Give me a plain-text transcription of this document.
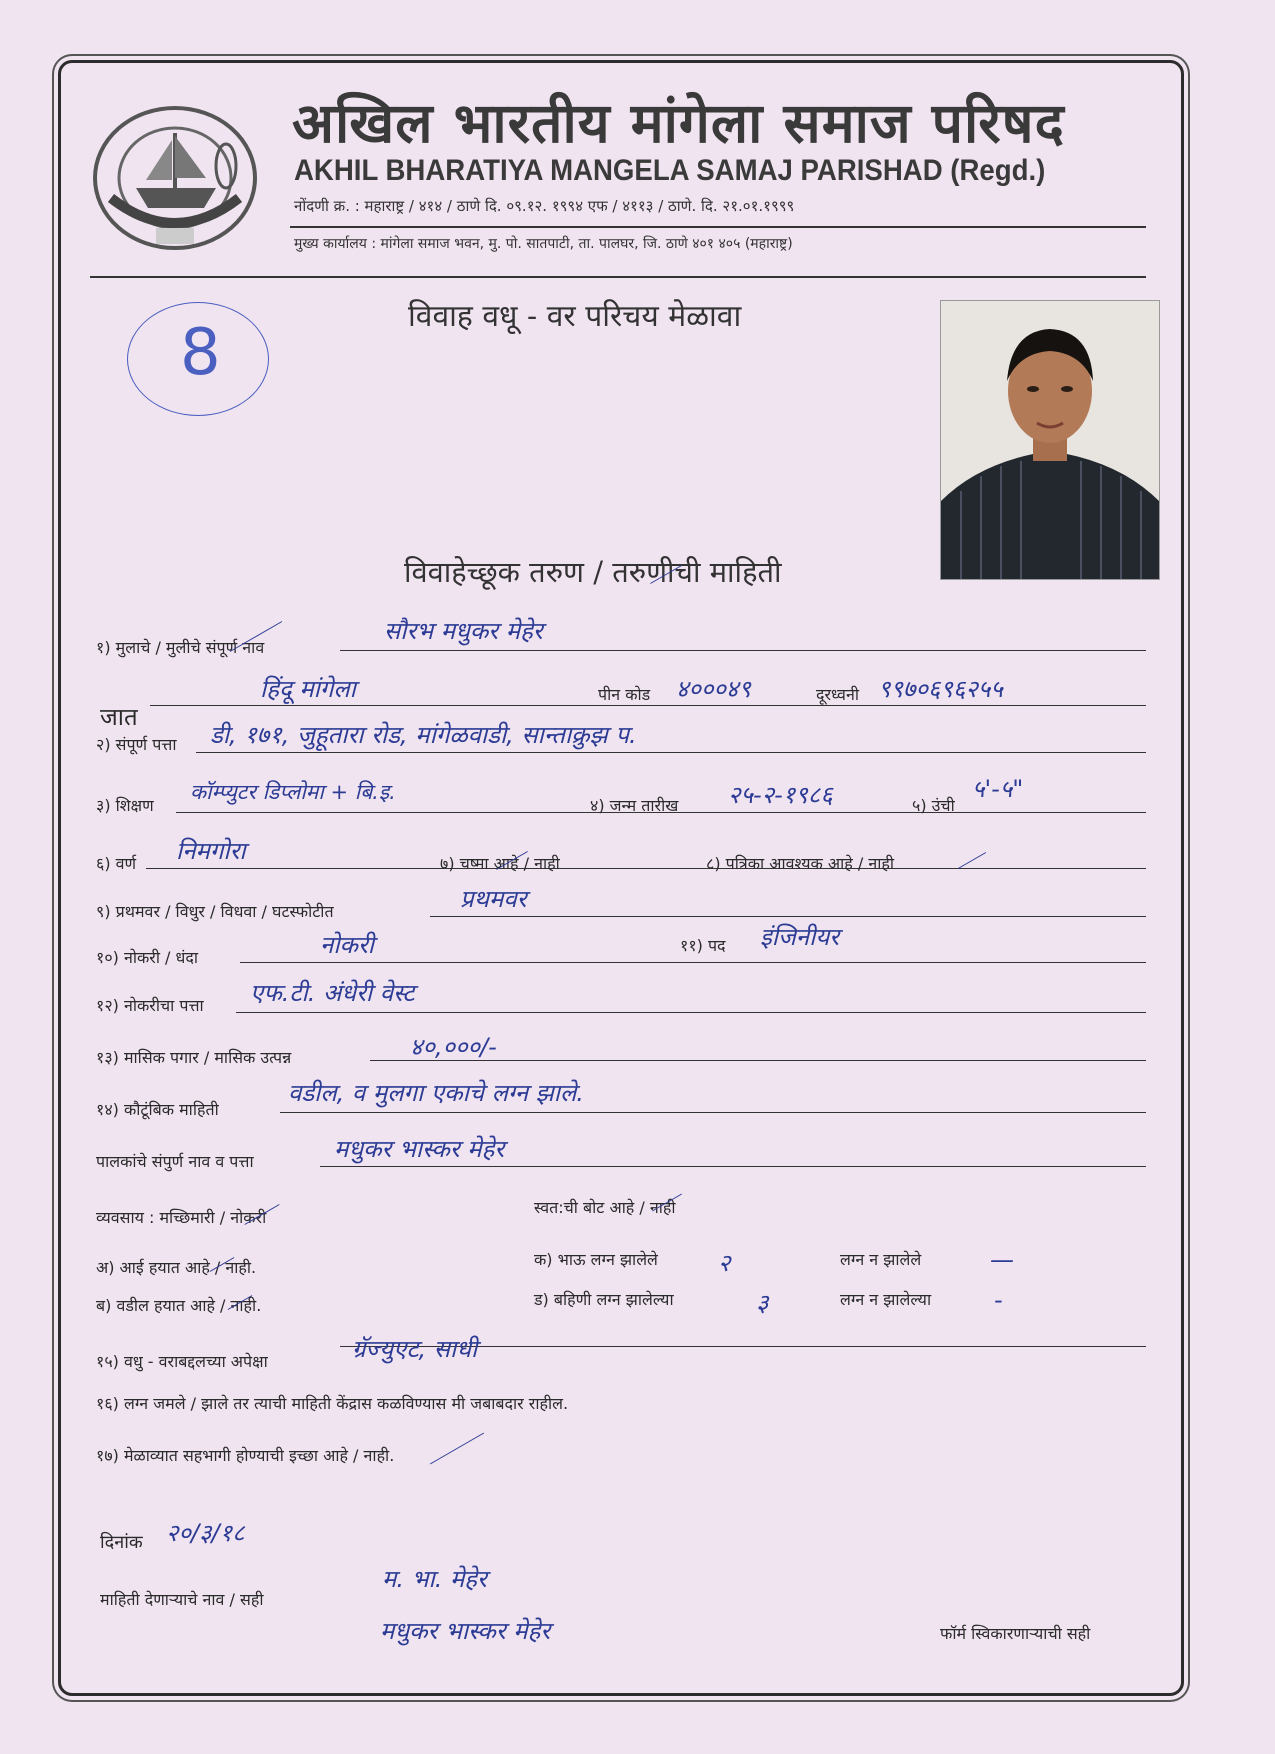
अखिल भारतीय मांगेला समाज परिषद
AKHIL BHARATIYA MANGELA SAMAJ PARISHAD (Regd.)
नोंदणी क्र. : महाराष्ट्र / ४१४ / ठाणे दि. ०९.१२. १९९४ एफ / ४११३ / ठाणे. दि. २१.०१.१९९९
मुख्य कार्यालय : मांगेला समाज भवन, मु. पो. सातपाटी, ता. पालघर, जि. ठाणे ४०१ ४०५ (महाराष्ट्र)
विवाह वधू - वर परिचय मेळावा
8
विवाहेच्छूक तरुण / तरुणीची माहिती
१) मुलाचे / मुलीचे संपूर्ण नाव
सौरभ मधुकर मेहेर
जात
हिंदू मांगेला	पीन कोड ४०००४९	दूरध्वनी ९९७०६९६२५५
२) संपूर्ण पत्ता डी, १७१, जुहूतारा रोड, मांगेळवाडी, सान्ताक्रुझ प.
३) शिक्षण
कॉम्प्युटर डिप्लोमा + बि.इ.
४) जन्म तारीख २५-२-१९८६	५) उंची
५'-५"
६) वर्ण निमगोरा	७) चष्मा आहे / नाही	८) पत्रिका आवश्यक आहे / नाही
९) प्रथमवर / विधुर / विधवा / घटस्फोटीत	प्रथमवर
१०) नोकरी / धंदा	नोकरी	११) पद इंजिनीयर
१२) नोकरीचा पत्ता एफ.टी. अंधेरी वेस्ट
१३) मासिक पगार / मासिक उत्पन्न	४०,०००/-
१४) कौटूंबिक माहिती
वडील, व मुलगा एकाचे लग्न झाले.
पालकांचे संपुर्ण नाव व पत्ता	मधुकर भास्कर मेहेर
व्यवसाय : मच्छिमारी / नोकरी
स्वत:ची बोट आहे / नाही
अ) आई हयात आहे / नाही.	क) भाऊ लग्न झालेले	२	लग्न न झालेले	—
ब) वडील हयात आहे / नाही.	ड) बहिणी लग्न झालेल्या	३	लग्न न झालेल्या	-
१५) वधु - वराबद्दलच्या अपेक्षा	ग्रॅज्युएट, साधी
१६) लग्न जमले / झाले तर त्याची माहिती केंद्रास कळविण्यास मी जबाबदार राहील.
१७) मेळाव्यात सहभागी होण्याची इच्छा आहे / नाही.
दिनांक २०/३/१८
माहिती देणाऱ्याचे नाव / सही
म. भा. मेहेर
मधुकर भास्कर मेहेर	फॉर्म स्विकारणाऱ्याची सही
